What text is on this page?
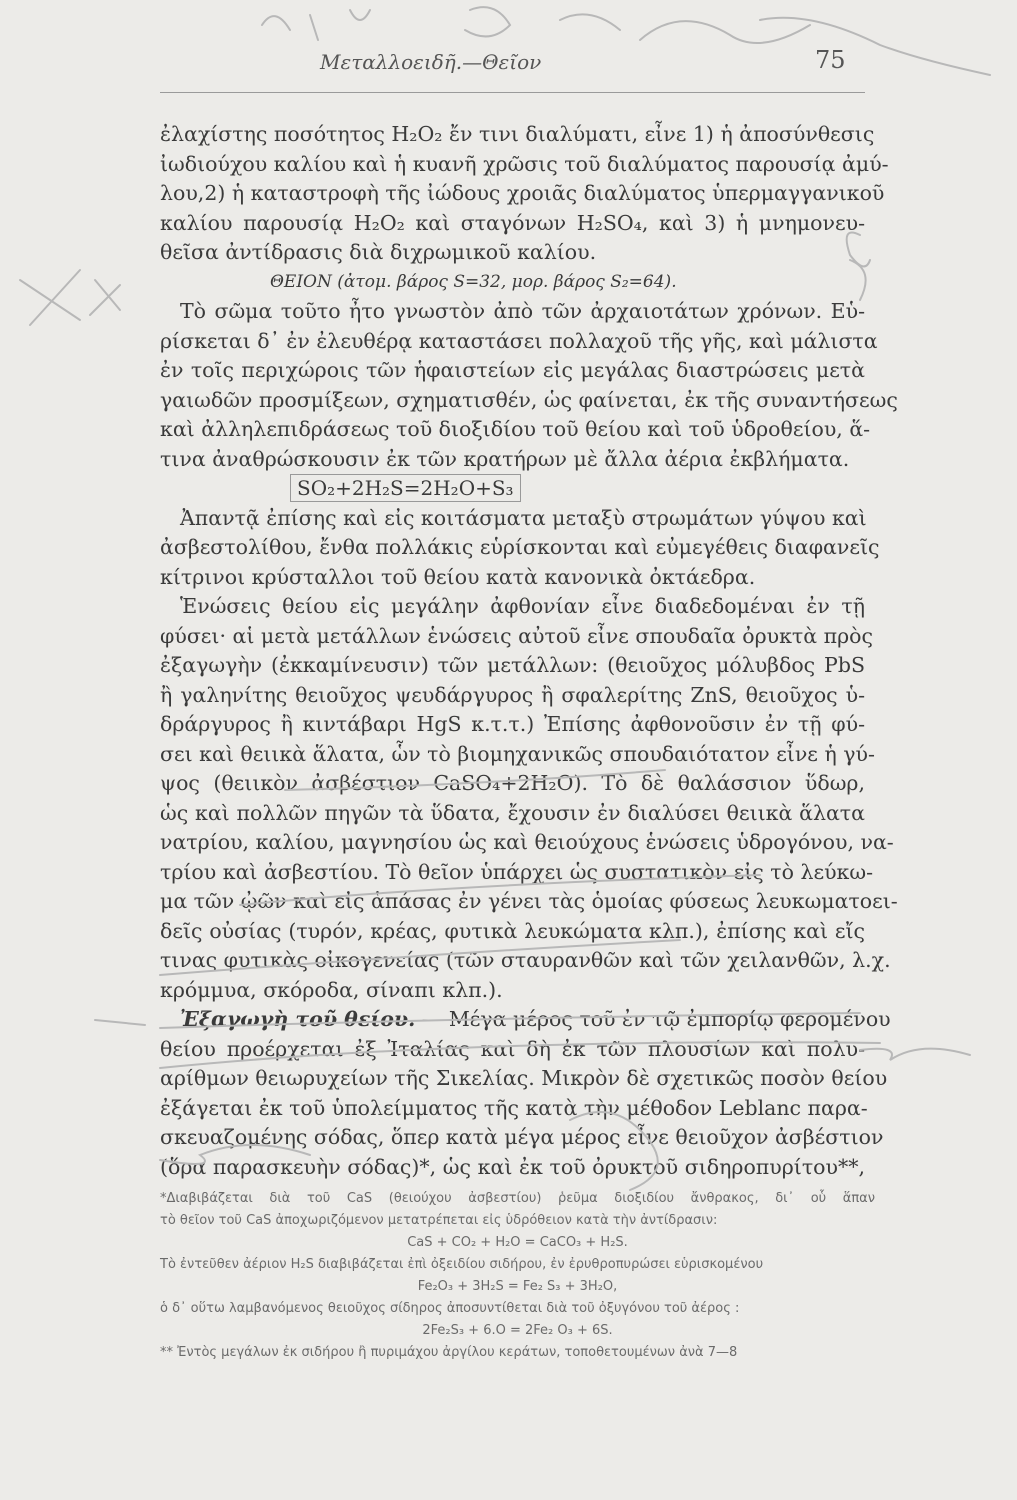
Μεταλλοειδῆ.—Θεῖον	75
ἐλαχίστης ποσότητος H₂O₂ ἔν τινι διαλύματι, εἶνε 1) ἡ ἀποσύνθεσις
ἰωδιούχου καλίου καὶ ἡ κυανῆ χρῶσις τοῦ διαλύματος παρουσίᾳ ἀμύ-
λου,2) ἡ καταστροφὴ τῆς ἰώδους χροιᾶς διαλύματος ὑπερμαγγανικοῦ
καλίου παρουσίᾳ H₂O₂ καὶ σταγόνων H₂SO₄, καὶ 3) ἡ μνημονευ-
θεῖσα ἀντίδρασις διὰ διχρωμικοῦ καλίου.
ΘΕΙΟΝ (ἀτομ. βάρος S=32, μορ. βάρος S₂=64).
Τὸ σῶμα τοῦτο ἦτο γνωστὸν ἀπὸ τῶν ἀρχαιοτάτων χρόνων. Εὑ-
ρίσκεται δ᾽ ἐν ἐλευθέρᾳ καταστάσει πολλαχοῦ τῆς γῆς, καὶ μάλιστα
ἐν τοῖς περιχώροις τῶν ἡφαιστείων εἰς μεγάλας διαστρώσεις μετὰ
γαιωδῶν προσμίξεων, σχηματισθέν, ὡς φαίνεται, ἐκ τῆς συναντήσεως
καὶ ἀλληλεπιδράσεως τοῦ διοξιδίου τοῦ θείου καὶ τοῦ ὑδροθείου, ἅ-
τινα ἀναθρώσκουσιν ἐκ τῶν κρατήρων μὲ ἄλλα ἀέρια ἐκβλήματα.
SO₂+2H₂S=2H₂O+S₃
Ἀπαντᾷ ἐπίσης καὶ εἰς κοιτάσματα μεταξὺ στρωμάτων γύψου καὶ
ἀσβεστολίθου, ἔνθα πολλάκις εὑρίσκονται καὶ εὐμεγέθεις διαφανεῖς
κίτρινοι κρύσταλλοι τοῦ θείου κατὰ κανονικὰ ὀκτάεδρα.
Ἑνώσεις θείου εἰς μεγάλην ἀφθονίαν εἶνε διαδεδομέναι ἐν τῇ
φύσει· αἱ μετὰ μετάλλων ἑνώσεις αὐτοῦ εἶνε σπουδαῖα ὀρυκτὰ πρὸς
ἐξαγωγὴν (ἐκκαμίνευσιν) τῶν μετάλλων: (θειοῦχος μόλυβδος PbS
ἢ γαληνίτης θειοῦχος ψευδάργυρος ἢ σφαλερίτης ZnS, θειοῦχος ὑ-
δράργυρος ἢ κιντάβαρι HgS κ.τ.τ.) Ἐπίσης ἀφθονοῦσιν ἐν τῇ φύ-
σει καὶ θειικὰ ἅλατα, ὧν τὸ βιομηχανικῶς σπουδαιότατον εἶνε ἡ γύ-
ψος (θειικὸν ἀσβέστιον CaSO₄+2H₂O). Τὸ δὲ θαλάσσιον ὕδωρ,
ὡς καὶ πολλῶν πηγῶν τὰ ὕδατα, ἔχουσιν ἐν διαλύσει θειικὰ ἅλατα
νατρίου, καλίου, μαγνησίου ὡς καὶ θειούχους ἑνώσεις ὑδρογόνου, να-
τρίου καὶ ἀσβεστίου. Τὸ θεῖον ὑπάρχει ὡς συστατικὸν εἰς τὸ λεύκω-
μα τῶν ᾠῶν καὶ εἰς ἁπάσας ἐν γένει τὰς ὁμοίας φύσεως λευκωματοει-
δεῖς οὐσίας (τυρόν, κρέας, φυτικὰ λευκώματα κλπ.), ἐπίσης καὶ εἴς
τινας φυτικὰς οἰκογενείας (τῶν σταυρανθῶν καὶ τῶν χειλανθῶν, λ.χ.
κρόμμυα, σκόροδα, σίναπι κλπ.).
Ἐξαγωγὴ τοῦ θείου. — Μέγα μέρος τοῦ ἐν τῷ ἐμπορίῳ φερομένου
θείου προέρχεται ἐξ Ἰταλίας καὶ δὴ ἐκ τῶν πλουσίων καὶ πολυ-
αρίθμων θειωρυχείων τῆς Σικελίας. Μικρὸν δὲ σχετικῶς ποσὸν θείου
ἐξάγεται ἐκ τοῦ ὑπολείμματος τῆς κατὰ τὴν μέθοδον Leblanc παρα-
σκευαζομένης σόδας, ὅπερ κατὰ μέγα μέρος εἶνε θειοῦχον ἀσβέστιον
(ὅρα παρασκευὴν σόδας)*, ὡς καὶ ἐκ τοῦ ὀρυκτοῦ σιδηροπυρίτου**,
*Διαβιβάζεται διὰ τοῦ CaS (θειούχου ἀσβεστίου) ῥεῦμα διοξιδίου ἄνθρακος, δι᾽ οὗ ἅπαν
τὸ θεῖον τοῦ CaS ἀποχωριζόμενον μετατρέπεται εἰς ὑδρόθειον κατὰ τὴν ἀντίδρασιν:
CaS + CO₂ + H₂O = CaCO₃ + H₂S.
Τὸ ἐντεῦθεν ἀέριον H₂S διαβιβάζεται ἐπὶ ὀξειδίου σιδήρου, ἐν ἐρυθροπυρώσει εὑρισκομένου
Fe₂O₃ + 3H₂S = Fe₂ S₃ + 3H₂O,
ὁ δ᾽ οὕτω λαμβανόμενος θειοῦχος σίδηρος ἀποσυντίθεται διὰ τοῦ ὀξυγόνου τοῦ ἀέρος :
2Fe₂S₃ + 6.O = 2Fe₂ O₃ + 6S.
** Ἐντὸς μεγάλων ἐκ σιδήρου ἢ πυριμάχου ἀργίλου κεράτων, τοποθετουμένων ἀνὰ 7—8
